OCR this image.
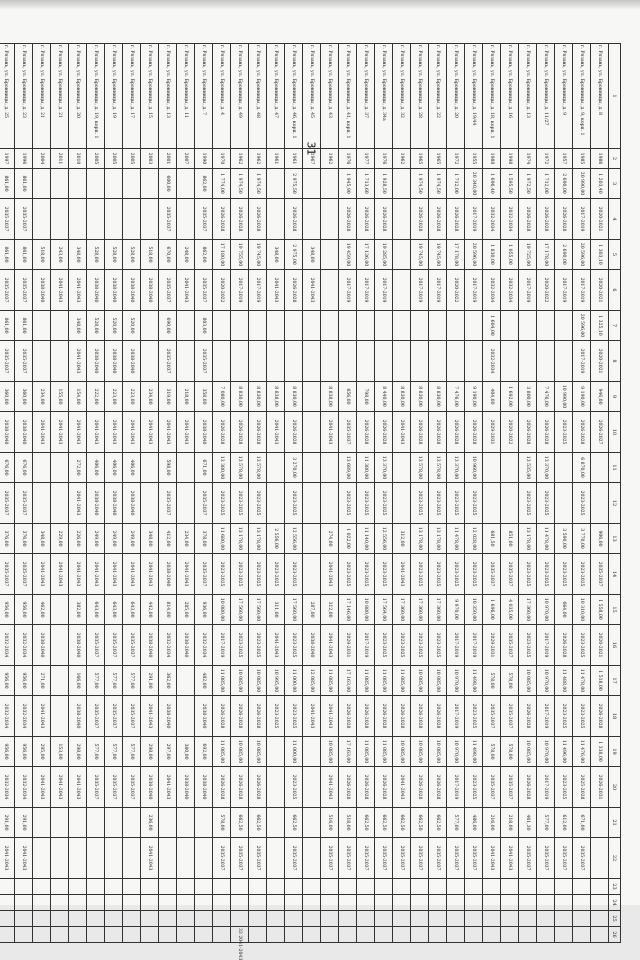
31
1	2	3	4	5	6	7	8	9	10	11	12	13	14	15	16	17	18	19	20	21	22	23	24	25	26
г. Рязань, ул. Бронницы, д. 8	1986	1 203,40	2020-2021	1 303,10	2020-2021	1 325,10	2020-2021	946,00	2026-2027			906,00	2035-2037	1 558,00	2020-2021	1 518,00	2026-2028	1 338,00	2026-2031						
г. Рязань, ул. Бронницы, д. 9, корп. 1	1985	20 990,00	2017-2019	20 596,00	2017-2019	20 596,00	2017-2019	9 190,00	2026-2028	6 870,00	2023-2025	3 770,00	2023-2025	10 310,00	2023-2025	11 478,00	2023-2025	11 476,00	2025-2028	671,00	2035-2037				
г. Рязань, ул. Бронницы, д. 9	1957	2 690,00	2026-2028	2 690,00	2017-2019			10 990,00	2023-2025			3 590,00	2023-2025	664,00	2026-2028	11 488,00	2023-2025	11 496,00	2023-2025	612,00	2035-2037				
г. Рязань, ул. Бронницы, д. 11/27	1972	1 712,00	2026-2028	17 178,00	2020-2022			7 476,00	2026-2028	13 370,00	2023-2025	11 478,00	2023-2025	10 970,00	2017-2019	10 970,00	2017-2019	10 970,00	2017-2019	577,00	2035-2037				
г. Рязань, ул. Бронницы, д. 13	1974	1 972,50	2026-2028	19 725,00	2017-2019			3 800,00	2026-2028	13 535,00	2023-2025	13 178,00	2023-2025	17 360,00	2023-2025	10 085,00	2026-2028	10 085,00	2026-2028	461,30	2035-2037				
г. Рязань, ул. Бронницы, д. 16	1998	1 595,50	2032-2034	1 055,00	2032-2034			1 692,00	2020-2022			851,00	2035-2037	4 035,00	2035-2037	578,00	2035-2037	578,00	2035-2037	218,00	2041-2043				
г. Рязань, ул. Бронницы, д. 18, корп. 1	1988	1 696,40	2032-2034	1 830,00	2032-2034	1 604,00	2032-2034	404,00	2029-2031			681,50	2035-2037	1 696,00	2029-2031	578,00	2035-2037	578,00	2035-2037	216,00	2041-2043				
г. Рязань, ул. Бронницы, д. 19/44	1955	20 340,00	2017-2019	20 596,00	2017-2019			9 190,00	2026-2028	10 960,00	2023-2025	12 028,00	2023-2025	10 350,00	2017-2019	11 498,00	2023-2025	11 498,00	2023-2025	486,00	2035-2037				
г. Рязань, ул. Бронницы, д. 20	1972	1 712,00	2026-2028	17 178,00	2020-2022			7 476,00	2026-2028	13 370,00	2023-2025	11 478,00	2023-2025	9 970,00	2017-2019	10 970,00	2017-2019	10 970,00	2017-2019	577,00	2035-2037				
г. Рязань, ул. Бронницы, д. 22	1965	1 974,50	2026-2028	19 745,00	2017-2019			8 830,00	2026-2028	13 578,00	2023-2025	13 178,00	2023-2025	17 360,00	2023-2025	10 085,00	2026-2028	10 085,00	2026-2028	662,50	2035-2037				
г. Рязань, ул. Бронницы, д. 28	1965	1 974,50	2026-2028	19 745,00	2017-2019			8 830,00	2026-2028	13 578,00	2023-2025	13 178,00	2023-2025	17 360,00	2023-2025	10 085,00	2026-2028	10 085,00	2026-2028	662,50	2035-2037				
г. Рязань, ул. Бронницы, д. 32	1962							8 830,00	2041-2043			312,00	2041-2043	17 360,00	2023-2025	11 085,00	2026-2028	10 085,00	2041-2043	662,50	2035-2037				
г. Рязань, ул. Бронницы, д. 34а	1976	1 928,50	2026-2028	19 285,00	2017-2019			8 440,00	2026-2028	13 370,00	2023-2025	12 556,00	2023-2025	17 564,00	2023-2025	11 085,00	2026-2028	11 085,00	2026-2028	662,50	2035-2037				
г. Рязань, ул. Бронницы, д. 37	1977	1 713,60	2026-2028	17 136,00	2017-2019			798,00	2026-2028	11 380,00	2023-2025	11 140,00	2023-2025	10 880,00	2017-2019	11 085,00	2026-2028	11 085,00	2026-2028	662,50	2035-2037				
г. Рязань, ул. Бронницы, д. 41, корп. 1	1976	1 945,90	2026-2028	19 459,00	2017-2019			656,00	2035-2037	13 689,00	2023-2025	1 022,00	2023-2025	17 146,00	2029-2031	17 163,00	2026-2028	17 163,00	2026-2028	518,00	2035-2037				
г. Рязань, ул. Бронницы, д. 43	1962							8 838,00	2041-2043			274,00	2041-2043	312,00	2041-2043	11 085,00	2041-2043	10 085,00	2041-2043	516,00	2035-2037				
г. Рязань, ул. Бронницы, д. 45	1967			348,00	2041-2043									287,00	2038-2040	12 085,00	2041-2043								
г. Рязань, ул. Бронницы, д. 46, корп. 1	1961	2 975,50	2026-2028	2 975,00	2026-2028			8 830,00	2026-2028	3 270,00	2023-2025	12 556,00	2023-2025	17 560,00	2023-2025	11 000,00	2023-2025	11 000,00	2023-2025	662,50	2035-2037				
г. Рязань, ул. Бронницы, д. 47	1961			348,00	2041-2043			8 838,00	2041-2043			2 556,00	2023-2025	311,00	2041-2043	10 995,00	2023-2025								
г. Рязань, ул. Бронницы, д. 48	1962	1 974,50	2026-2028	19 745,00	2017-2019			8 830,00	2026-2028	13 578,00	2023-2025	13 178,00	2023-2025	17 560,00	2023-2025	10 085,00	2026-2028	10 085,00	2026-2028	662,50	2035-2037				
г. Рязань, ул. Бронницы, д. 49	1962	1 974,50	2026-2028	19 755,00	2017-2019			8 830,00	2026-2028	13 578,00	2023-2025	13 178,00	2023-2025	17 560,00	2023-2025	10 085,00	2026-2028	10 085,00	2026-2028	662,50	2035-2037				33 2041-2043
г. Рязань, ул. Бронницы, д. 4	1970	1 774,00	2026-2028	17 180,00	2020-2022			7 080,00	2026-2028	13 380,00	2023-2025	11 680,00	2023-2025	10 080,00	2017-2019	11 085,00	2026-2028	11 085,00	2026-2028	578,00	2035-2037				
г. Рязань, ул. Бронницы, д. 7	1990	862,00	2035-2037	862,00	2035-2037	803,00	2035-2037	358,00	2038-2040	671,00	2035-2037	378,00	2035-2037	936,00	2032-2034	482,00	2038-2040	692,00	2038-2040						
г. Рязань, ул. Бронницы, д. 11	2007			248,00	2041-2043			218,00	2041-2043			234,00	2041-2043	285,00	2038-2040			380,00	2038-2040						
г. Рязань, ул. Бронницы, д. 13	2001	600,00	2035-2037	670,00	2035-2037	690,00	2035-2037	319,00	2041-2043	598,00	2035-2037	412,00	2038-2040	814,00	2032-2034	362,00	2038-2040	297,00	2041-2043						
г. Рязань, ул. Бронницы, д. 15	2003			518,00	2038-2040			234,00	2041-2043			348,00	2041-2043	442,00	2038-2040	291,00	2041-2043	298,00	2038-2040	236,00	2041-2043				
г. Рязань, ул. Бронницы, д. 17	2005			528,00	2038-2040	520,00	2038-2040	223,00	2041-2043	406,00	2038-2040	249,00	2041-2043	643,00	2035-2037	577,00	2035-2037	577,00	2035-2037						
г. Рязань, ул. Бронницы, д. 19	2005			528,00	2038-2040	520,00	2038-2040	223,00	2041-2043	406,00	2038-2040	249,00	2041-2043	643,00	2035-2037	577,00	2035-2037	577,00	2035-2037						
г. Рязань, ул. Бронницы, д. 19, корп. 1	2005			528,00	2038-2040	528,00	2038-2040	222,00	2041-2043	406,00	2038-2040	249,00	2041-2043	643,00	2035-2037	577,00	2035-2037	577,00	2035-2037						
г. Рязань, ул. Бронницы, д. 20	2010			348,00	2041-2043	348,00	2041-2043	154,00	2041-2043	272,00	2041-2043	226,00	2041-2043	382,00	2038-2040	166,00	2038-2040	298,00	2041-2043						
г. Рязань, ул. Бронницы, д. 21	2011			243,00	2041-2043			155,00	2041-2043			229,00	2041-2043					153,00	2041-2043						
г. Рязань, ул. Бронницы, д. 21	2004			518,00	2038-2040			234,00	2041-2043			348,00	2041-2043	462,00	2038-2040	271,00	2041-2043	295,00	2041-2043						
г. Рязань, ул. Бронницы, д. 23	1996	861,00	2035-2037	861,00	2035-2037	861,00	2035-2037	360,00	2038-2040	676,00	2035-2037	376,00	2035-2037	956,00	2032-2034	956,00	2032-2034	956,00	2032-2034	291,00	2041-2043				
г. Рязань, ул. Бронницы, д. 25	1997	861,00	2035-2037	861,00	2035-2037	861,00	2035-2037	360,00	2038-2040	676,00	2035-2037	376,00	2035-2037	956,00	2032-2034	956,00	2032-2034	956,00	2032-2034	291,00	2041-2043				
